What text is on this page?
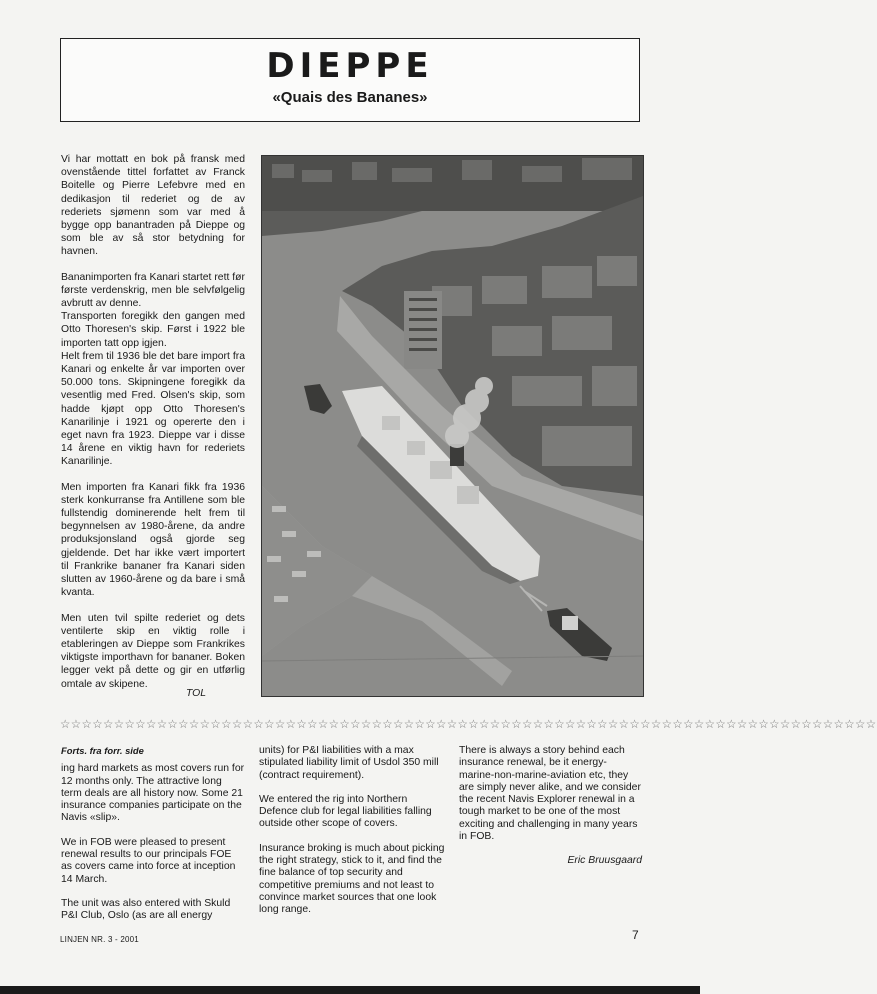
DIEPPE
«Quais des Bananes»

Vi har mottatt en bok på fransk med ovenstående tittel forfattet av Franck Boitelle og Pierre Lefebvre med en dedikasjon til rederiet og de av rederiets sjømenn som var med å bygge opp banantraden på Dieppe og som ble av så stor betydning for havnen.

Bananimporten fra Kanari startet rett før første verdenskrig, men ble selvfølgelig avbrutt av denne.

Transporten foregikk den gangen med Otto Thoresen's skip. Først i 1922 ble importen tatt opp igjen.

Helt frem til 1936 ble det bare import fra Kanari og enkelte år var importen over 50.000 tons. Skipningene foregikk da vesentlig med Fred. Olsen's skip, som hadde kjøpt opp Otto Thoresen's Kanarilinje i 1921 og opererte den i eget navn fra 1923. Dieppe var i disse 14 årene en viktig havn for rederiets Kanarilinje.

Men importen fra Kanari fikk fra 1936 sterk konkurranse fra Antillene som ble fullstendig dominerende helt frem til begynnelsen av 1980-årene, da andre produksjonsland også gjorde seg gjeldende. Det har ikke vært importert til Frankrike bananer fra Kanari siden slutten av 1960-årene og da bare i små kvanta.

Men uten tvil spilte rederiet og dets ventilerte skip en viktig rolle i etableringen av Dieppe som Frankrikes viktigste importhavn for bananer. Boken legger vekt på dette og gir en utførlig omtale av skipene.

TOL
☆☆☆☆☆☆☆☆☆☆☆☆☆☆☆☆☆☆☆☆☆☆☆☆☆☆☆☆☆☆☆☆☆☆☆☆☆☆☆☆☆☆☆☆☆☆☆☆☆☆☆☆☆☆☆☆☆☆☆☆☆☆☆☆☆☆☆☆☆☆☆☆☆☆☆☆

Forts. fra forr. side

ing hard markets as most covers run for 12 months only. The attractive long term deals are all history now. Some 21 insurance companies participate on the Navis «slip».

We in FOB were pleased to present renewal results to our principals FOE as covers came into force at inception 14 March.

The unit was also entered with Skuld P&I Club, Oslo (as are all energy

units) for P&I liabilities with a max stipulated liability limit of Usdol 350 mill (contract requirement).

We entered the rig into Northern Defence club for legal liabilities falling outside other scope of covers.

Insurance broking is much about picking the right strategy, stick to it, and find the fine balance of top security and competitive premiums and not least to convince market sources that one look long range.

There is always a story behind each insurance renewal, be it energy-marine-non-marine-aviation etc, they are simply never alike, and we consider the recent Navis Explorer renewal in a tough market to be one of the most exciting and challenging in many years in FOB.

Eric Bruusgaard

LINJEN NR. 3 - 2001	7
